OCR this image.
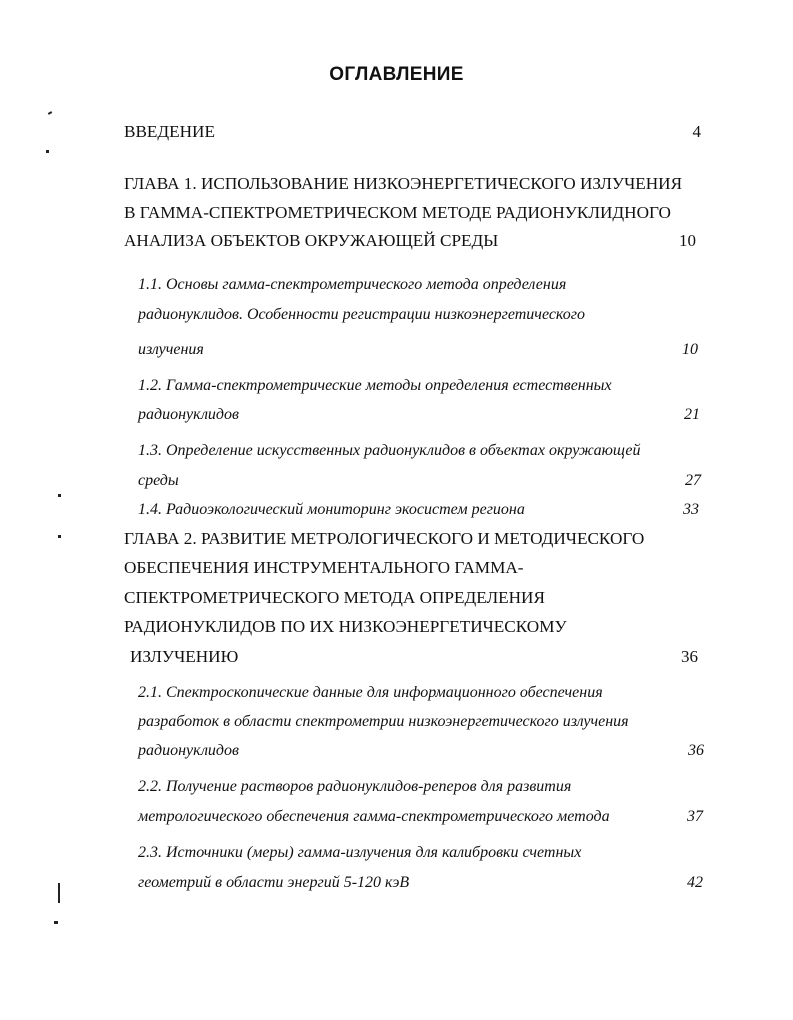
ОГЛАВЛЕНИЕ
ВВЕДЕНИЕ	4
ГЛАВА 1. ИСПОЛЬЗОВАНИЕ НИЗКОЭНЕРГЕТИЧЕСКОГО ИЗЛУЧЕНИЯ
В ГАММА-СПЕКТРОМЕТРИЧЕСКОМ МЕТОДЕ РАДИОНУКЛИДНОГО
АНАЛИЗА ОБЪЕКТОВ ОКРУЖАЮЩЕЙ СРЕДЫ	10
1.1. Основы гамма-спектрометрического метода определения
радионуклидов. Особенности регистрации низкоэнергетического
излучения	10
1.2. Гамма-спектрометрические методы определения естественных
радионуклидов	21
1.3. Определение искусственных радионуклидов в объектах окружающей
среды	27
1.4. Радиоэкологический мониторинг экосистем региона	33
ГЛАВА 2. РАЗВИТИЕ МЕТРОЛОГИЧЕСКОГО И МЕТОДИЧЕСКОГО
ОБЕСПЕЧЕНИЯ ИНСТРУМЕНТАЛЬНОГО ГАММА-
СПЕКТРОМЕТРИЧЕСКОГО МЕТОДА ОПРЕДЕЛЕНИЯ
РАДИОНУКЛИДОВ ПО ИХ НИЗКОЭНЕРГЕТИЧЕСКОМУ
ИЗЛУЧЕНИЮ	36
2.1. Спектроскопические данные для информационного обеспечения
разработок в области спектрометрии низкоэнергетического излучения
радионуклидов	36
2.2. Получение растворов радионуклидов-реперов для развития
метрологического обеспечения гамма-спектрометрического метода	37
2.3. Источники (меры) гамма-излучения для калибровки счетных
геометрий в области энергий 5-120 кэВ	42
